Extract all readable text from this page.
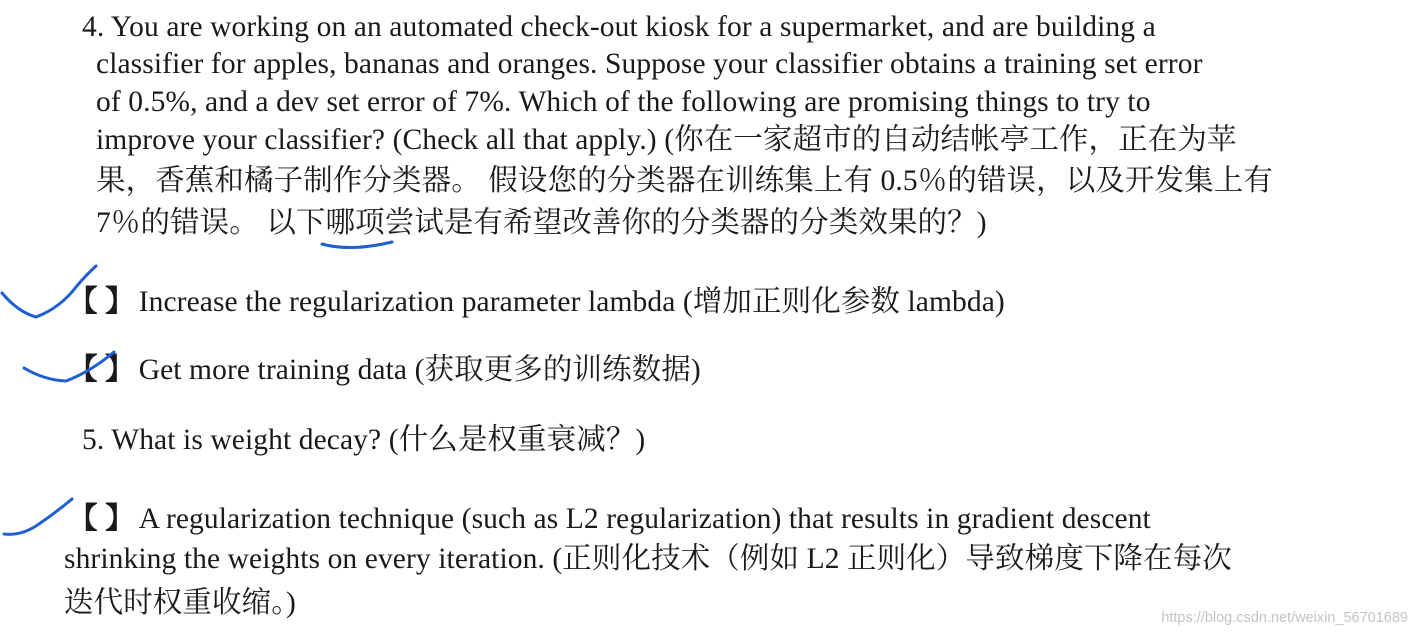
4. You are working on an automated check-out kiosk for a supermarket, and are building a
classifier for apples, bananas and oranges. Suppose your classifier obtains a training set error
of 0.5%, and a dev set error of 7%. Which of the following are promising things to try to
improve your classifier? (Check all that apply.) (你在一家超市的自动结帐亭工作，正在为苹
果，香蕉和橘子制作分类器。 假设您的分类器在训练集上有 0.5％的错误，以及开发集上有
7％的错误。 以下哪项尝试是有希望改善你的分类器的分类效果的？)
【 】 Increase the regularization parameter lambda (增加正则化参数 lambda)
【 】 Get more training data (获取更多的训练数据)
5. What is weight decay? (什么是权重衰减？)
【 】 A regularization technique (such as L2 regularization) that results in gradient descent
shrinking the weights on every iteration. (正则化技术（例如 L2 正则化）导致梯度下降在每次
迭代时权重收缩。)	https://blog.csdn.net/weixin_56701689
